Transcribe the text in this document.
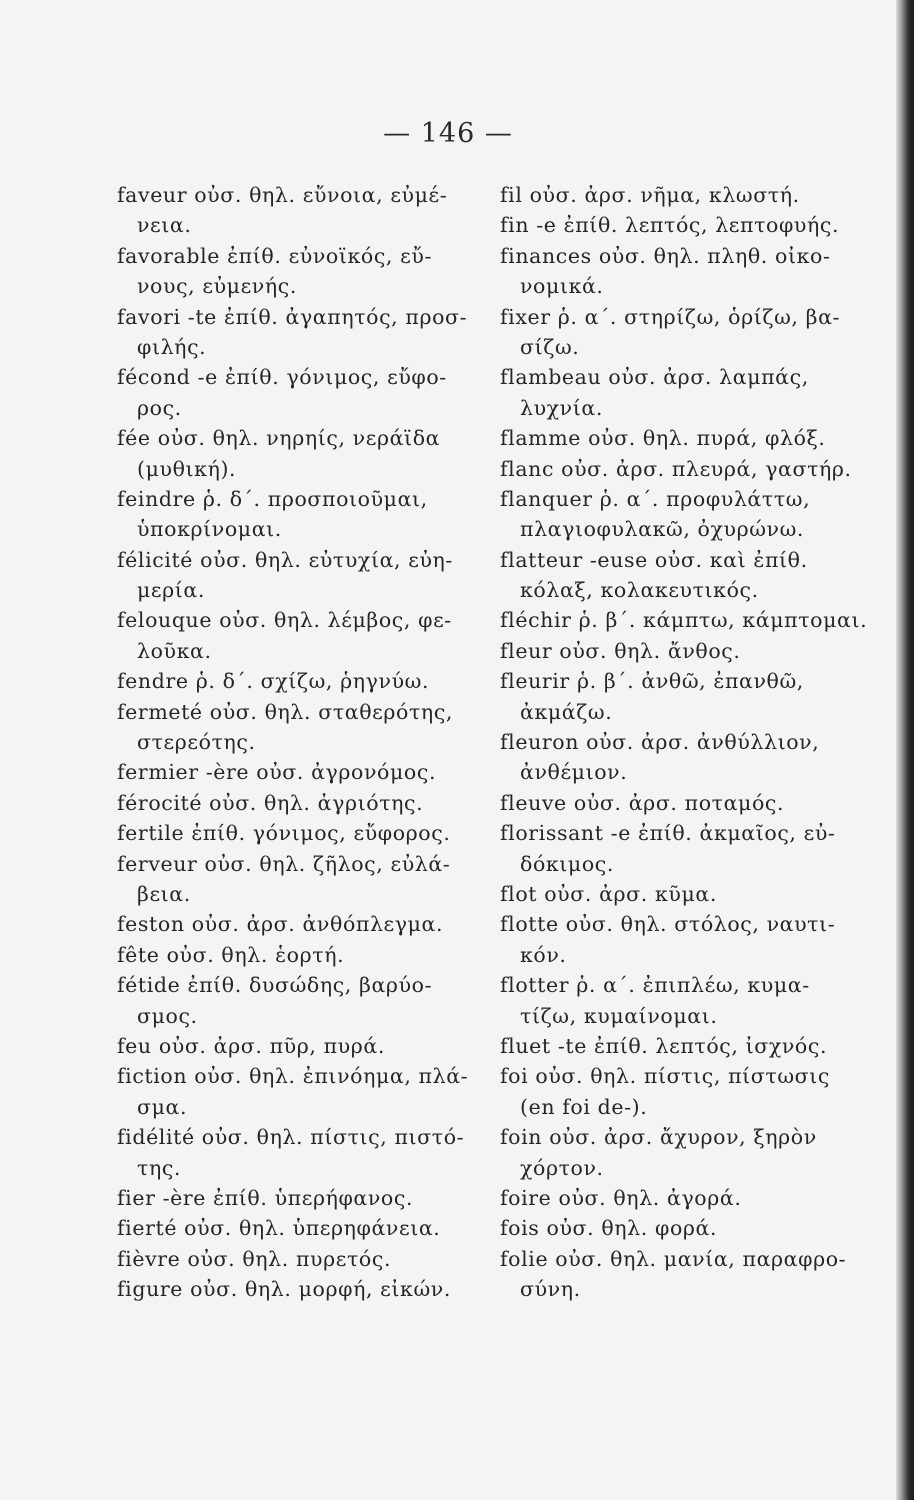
— 146 —
faveur οὐσ. θηλ. εὔνοια, εὐμέ-
νεια.
favorable ἐπίθ. εὐνοϊκός, εὔ-
νους, εὐμενής.
favori -te ἐπίθ. ἀγαπητός, προσ-
φιλής.
fécond -e ἐπίθ. γόνιμος, εὔφο-
ρος.
fée οὐσ. θηλ. νηρηίς, νεράϊδα
(μυθική).
feindre ῥ. δ΄. προσποιοῦμαι,
ὑποκρίνομαι.
félicité οὐσ. θηλ. εὐτυχία, εὐη-
μερία.
felouque οὐσ. θηλ. λέμβος, φε-
λοῦκα.
fendre ῥ. δ΄. σχίζω, ῥηγνύω.
fermeté οὐσ. θηλ. σταθερότης,
στερεότης.
fermier -ère οὐσ. ἀγρονόμος.
férocité οὐσ. θηλ. ἀγριότης.
fertile ἐπίθ. γόνιμος, εὔφορος.
ferveur οὐσ. θηλ. ζῆλος, εὐλά-
βεια.
feston οὐσ. ἀρσ. ἀνθόπλεγμα.
fête οὐσ. θηλ. ἑορτή.
fétide ἐπίθ. δυσώδης, βαρύο-
σμος.
feu οὐσ. ἀρσ. πῦρ, πυρά.
fiction οὐσ. θηλ. ἐπινόημα, πλά-
σμα.
fidélité οὐσ. θηλ. πίστις, πιστό-
της.
fier -ère ἐπίθ. ὑπερήφανος.
fierté οὐσ. θηλ. ὑπερηφάνεια.
fièvre οὐσ. θηλ. πυρετός.
figure οὐσ. θηλ. μορφή, εἰκών.
fil οὐσ. ἀρσ. νῆμα, κλωστή.
fin -e ἐπίθ. λεπτός, λεπτοφυής.
finances οὐσ. θηλ. πληθ. οἰκο-
νομικά.
fixer ῥ. α΄. στηρίζω, ὁρίζω, βα-
σίζω.
flambeau οὐσ. ἀρσ. λαμπάς,
λυχνία.
flamme οὐσ. θηλ. πυρά, φλόξ.
flanc οὐσ. ἀρσ. πλευρά, γαστήρ.
flanquer ῥ. α΄. προφυλάττω,
πλαγιοφυλακῶ, ὀχυρώνω.
flatteur -euse οὐσ. καὶ ἐπίθ.
κόλαξ, κολακευτικός.
fléchir ῥ. β΄. κάμπτω, κάμπτομαι.
fleur οὐσ. θηλ. ἄνθος.
fleurir ῥ. β΄. ἀνθῶ, ἐπανθῶ,
ἀκμάζω.
fleuron οὐσ. ἀρσ. ἀνθύλλιον,
ἀνθέμιον.
fleuve οὐσ. ἀρσ. ποταμός.
florissant -e ἐπίθ. ἀκμαῖος, εὐ-
δόκιμος.
flot οὐσ. ἀρσ. κῦμα.
flotte οὐσ. θηλ. στόλος, ναυτι-
κόν.
flotter ῥ. α΄. ἐπιπλέω, κυμα-
τίζω, κυμαίνομαι.
fluet -te ἐπίθ. λεπτός, ἰσχνός.
foi οὐσ. θηλ. πίστις, πίστωσις
(en foi de-).
foin οὐσ. ἀρσ. ἄχυρον, ξηρὸν
χόρτον.
foire οὐσ. θηλ. ἀγορά.
fois οὐσ. θηλ. φορά.
folie οὐσ. θηλ. μανία, παραφρο-
σύνη.
